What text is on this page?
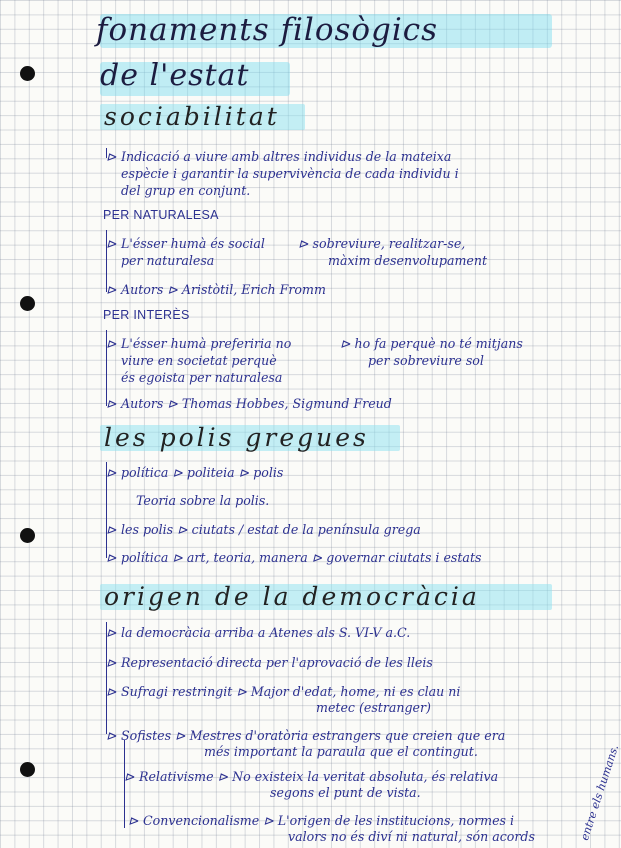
fonaments filosògics
de l'estat
sociabilitat
⊳ Indicació a viure amb altres individus de la mateixa
espècie i garantir la supervivència de cada individu i
del grup en conjunt.
PER NATURALESA
⊳ L'ésser humà és social
per naturalesa
⊳ sobreviure, realitzar-se,
màxim desenvolupament
⊳ Autors ⊳ Aristòtil, Erich Fromm
PER INTERÈS
⊳ L'ésser humà preferiria no
viure en societat perquè
és egoista per naturalesa
⊳ ho fa perquè no té mitjans
per sobreviure sol
⊳ Autors ⊳ Thomas Hobbes, Sigmund Freud
les polis gregues
⊳ política ⊳ politeia ⊳ polis
Teoria sobre la polis.
⊳ les polis ⊳ ciutats / estat de la península grega
⊳ política ⊳ art, teoria, manera ⊳ governar ciutats i estats
origen de la democràcia
⊳ la democràcia arriba a Atenes als S. VI-V a.C.
⊳ Representació directa per l'aprovació de les lleis
⊳ Sufragi restringit ⊳ Major d'edat, home, ni es clau ni
metec (estranger)
⊳ Sofistes ⊳ Mestres d'oratòria estrangers que creien que era
més important la paraula que el contingut.
⊳ Relativisme ⊳ No existeix la veritat absoluta, és relativa
segons el punt de vista.
⊳ Convencionalisme ⊳ L'origen de les institucions, normes i
valors no és diví ni natural, són acords	entre els humans.
